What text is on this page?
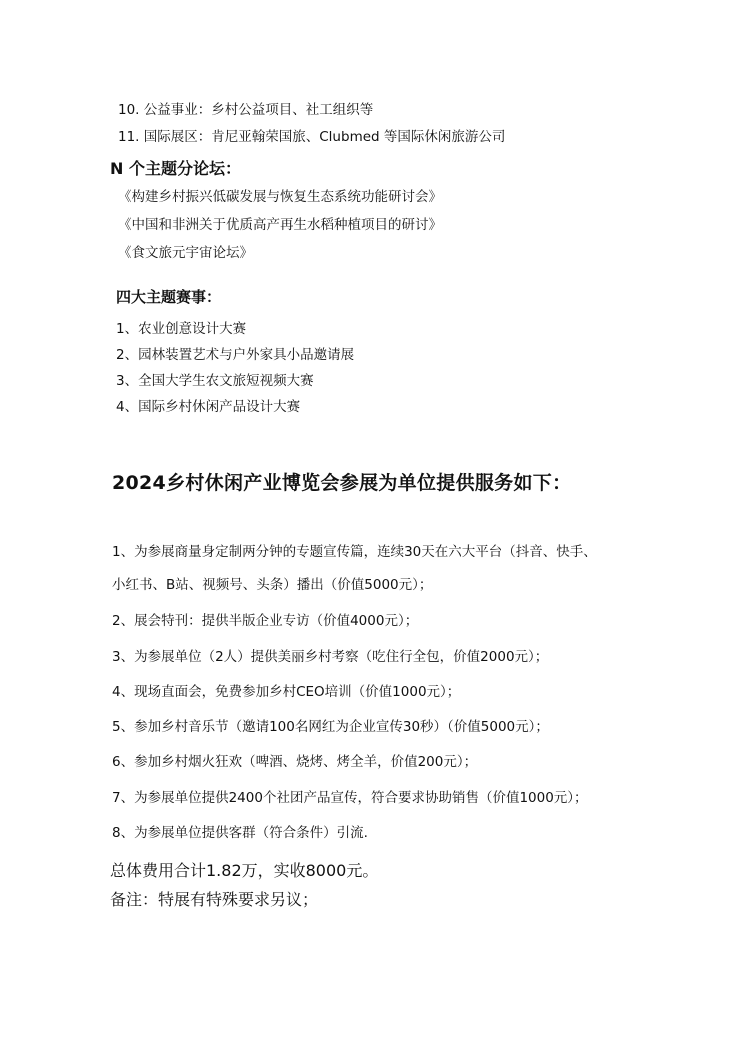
10. 公益事业：乡村公益项目、社工组织等
11. 国际展区：肯尼亚翰荣国旅、Clubmed 等国际休闲旅游公司
N 个主题分论坛：
《构建乡村振兴低碳发展与恢复生态系统功能研讨会》
《中国和非洲关于优质高产再生水稻种植项目的研讨》
《食文旅元宇宙论坛》
四大主题赛事：
1、农业创意设计大赛
2、园林装置艺术与户外家具小品邀请展
3、全国大学生农文旅短视频大赛
4、国际乡村休闲产品设计大赛
2024乡村休闲产业博览会参展为单位提供服务如下：
1、为参展商量身定制两分钟的专题宣传篇，连续30天在六大平台（抖音、快手、
小红书、B站、视频号、头条）播出（价值5000元）；
2、展会特刊：提供半版企业专访（价值4000元）；
3、为参展单位（2人）提供美丽乡村考察（吃住行全包，价值2000元）；
4、现场直面会，免费参加乡村CEO培训（价值1000元）；
5、参加乡村音乐节（邀请100名网红为企业宣传30秒）（价值5000元）；
6、参加乡村烟火狂欢（啤酒、烧烤、烤全羊，价值200元）；
7、为参展单位提供2400个社团产品宣传，符合要求协助销售（价值1000元）；
8、为参展单位提供客群（符合条件）引流.
总体费用合计1.82万，实收8000元。
备注：特展有特殊要求另议；
